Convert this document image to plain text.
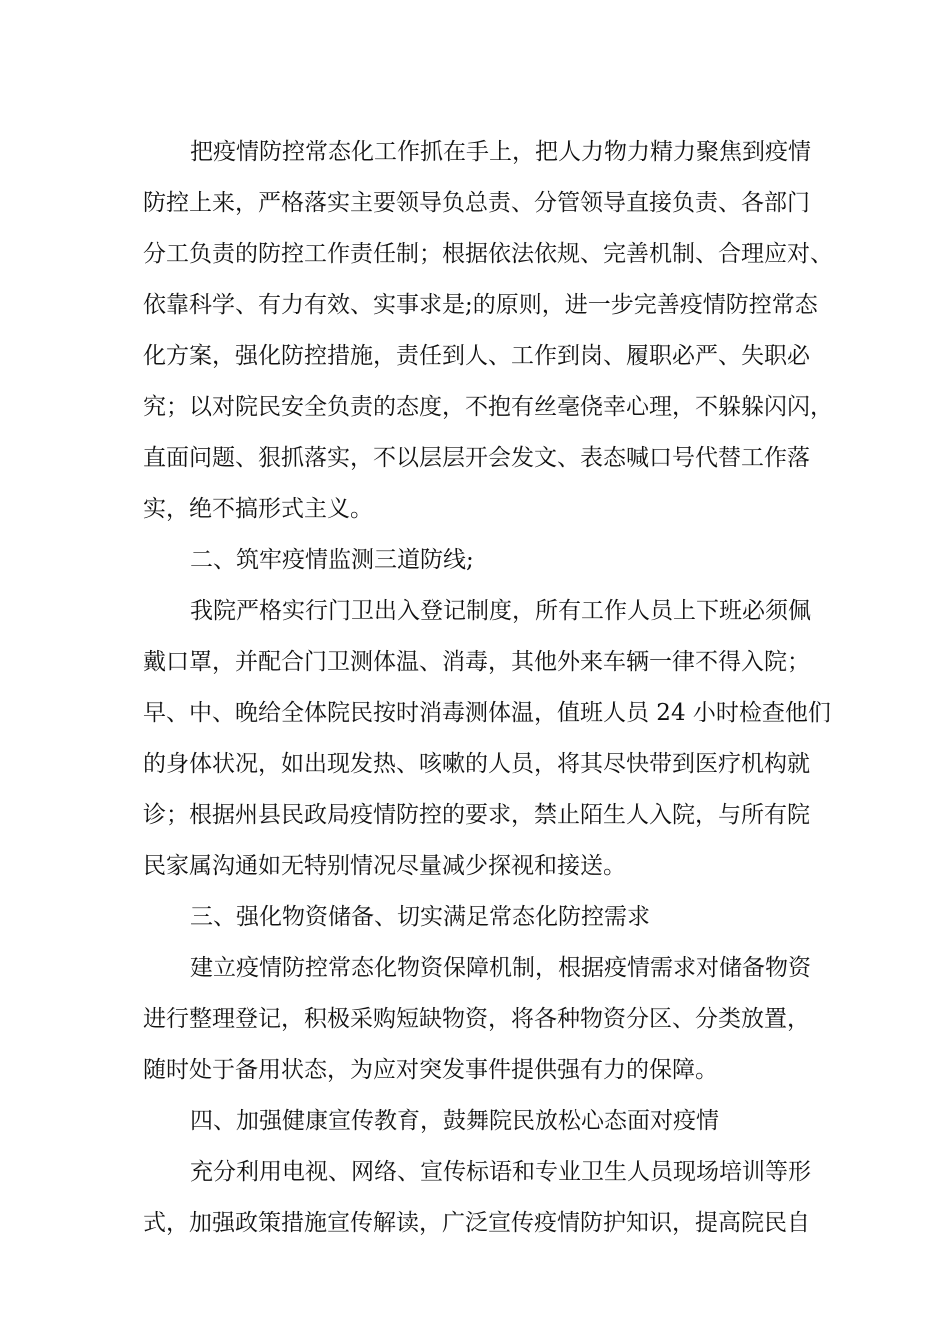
把疫情防控常态化工作抓在手上，把人力物力精力聚焦到疫情
防控上来，严格落实主要领导负总责、分管领导直接负责、各部门
分工负责的防控工作责任制；根据依法依规、完善机制、合理应对、
依靠科学、有力有效、实事求是;的原则，进一步完善疫情防控常态
化方案，强化防控措施，责任到人、工作到岗、履职必严、失职必
究；以对院民安全负责的态度，不抱有丝毫侥幸心理，不躲躲闪闪，
直面问题、狠抓落实，不以层层开会发文、表态喊口号代替工作落
实，绝不搞形式主义。
二、筑牢疫情监测三道防线;
我院严格实行门卫出入登记制度，所有工作人员上下班必须佩
戴口罩，并配合门卫测体温、消毒，其他外来车辆一律不得入院；
早、中、晚给全体院民按时消毒测体温，值班人员 24 小时检查他们
的身体状况，如出现发热、咳嗽的人员，将其尽快带到医疗机构就
诊；根据州县民政局疫情防控的要求，禁止陌生人入院，与所有院
民家属沟通如无特别情况尽量减少探视和接送。
三、强化物资储备、切实满足常态化防控需求
建立疫情防控常态化物资保障机制，根据疫情需求对储备物资
进行整理登记，积极采购短缺物资，将各种物资分区、分类放置，
随时处于备用状态，为应对突发事件提供强有力的保障。
四、加强健康宣传教育，鼓舞院民放松心态面对疫情
充分利用电视、网络、宣传标语和专业卫生人员现场培训等形
式，加强政策措施宣传解读，广泛宣传疫情防护知识，提高院民自
